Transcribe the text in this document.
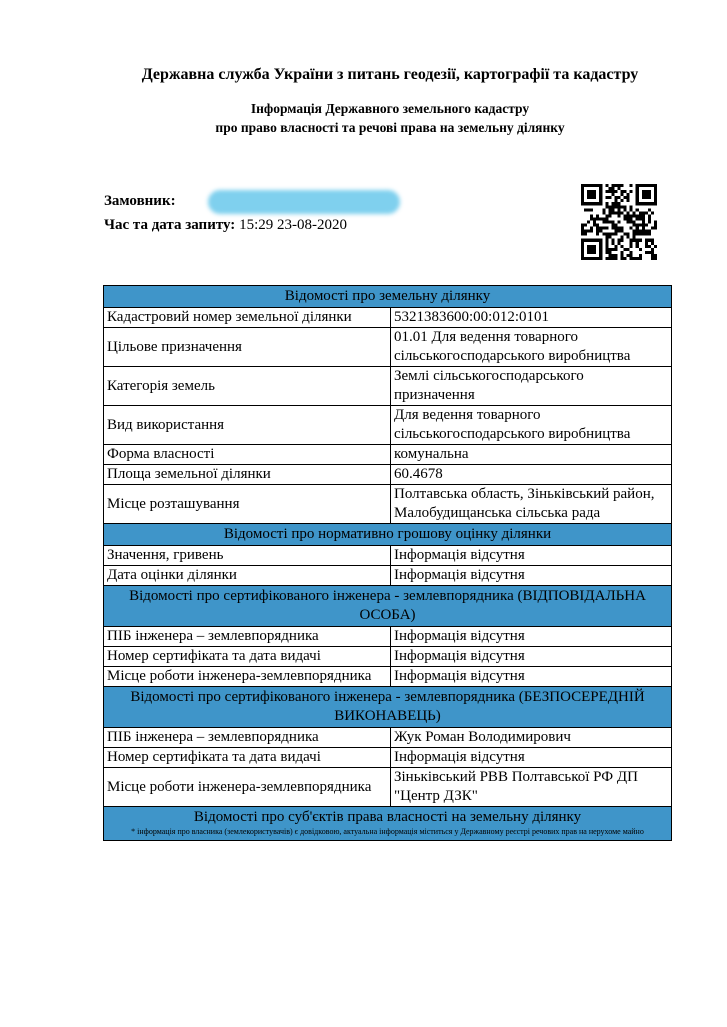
Державна служба України з питань геодезії, картографії та кадастру
Інформація Державного земельного кадастру
про право власності та речові права на земельну ділянку
Замовник:
Час та дата запиту: 15:29 23-08-2020
Відомості про земельну ділянку	
Кадастровий номер земельної ділянки	5321383600:00:012:0101
Цільове призначення	01.01 Для ведення товарного сільськогосподарського виробництва
Категорія земель	Землі сільськогосподарського призначення
Вид використання	Для ведення товарного сільськогосподарського виробництва
Форма власності	комунальна
Площа земельної ділянки	60.4678
Місце розташування	Полтавська область, Зіньківський район, Малобудищанська сільська рада
Відомості про нормативно грошову оцінку ділянки	
Значення, гривень	Інформація відсутня
Дата оцінки ділянки	Інформація відсутня
Відомості про сертифікованого інженера - землевпорядника (ВІДПОВІДАЛЬНА ОСОБА)	
ПІБ інженера – землевпорядника	Інформація відсутня
Номер сертифіката та дата видачі	Інформація відсутня
Місце роботи інженера-землевпорядника	Інформація відсутня
Відомості про сертифікованого інженера - землевпорядника (БЕЗПОСЕРЕДНІЙ ВИКОНАВЕЦЬ)	
ПІБ інженера – землевпорядника	Жук Роман Володимирович
Номер сертифіката та дата видачі	Інформація відсутня
Місце роботи інженера-землевпорядника	Зіньківський РВВ Полтавської РФ ДП "Центр ДЗК"
Відомості про суб'єктів права власності на земельну ділянку
* інформація про власника (землекористувачів) є довідковою, актуальна інформація міститься у Державному реєстрі речових прав на нерухоме майно	
